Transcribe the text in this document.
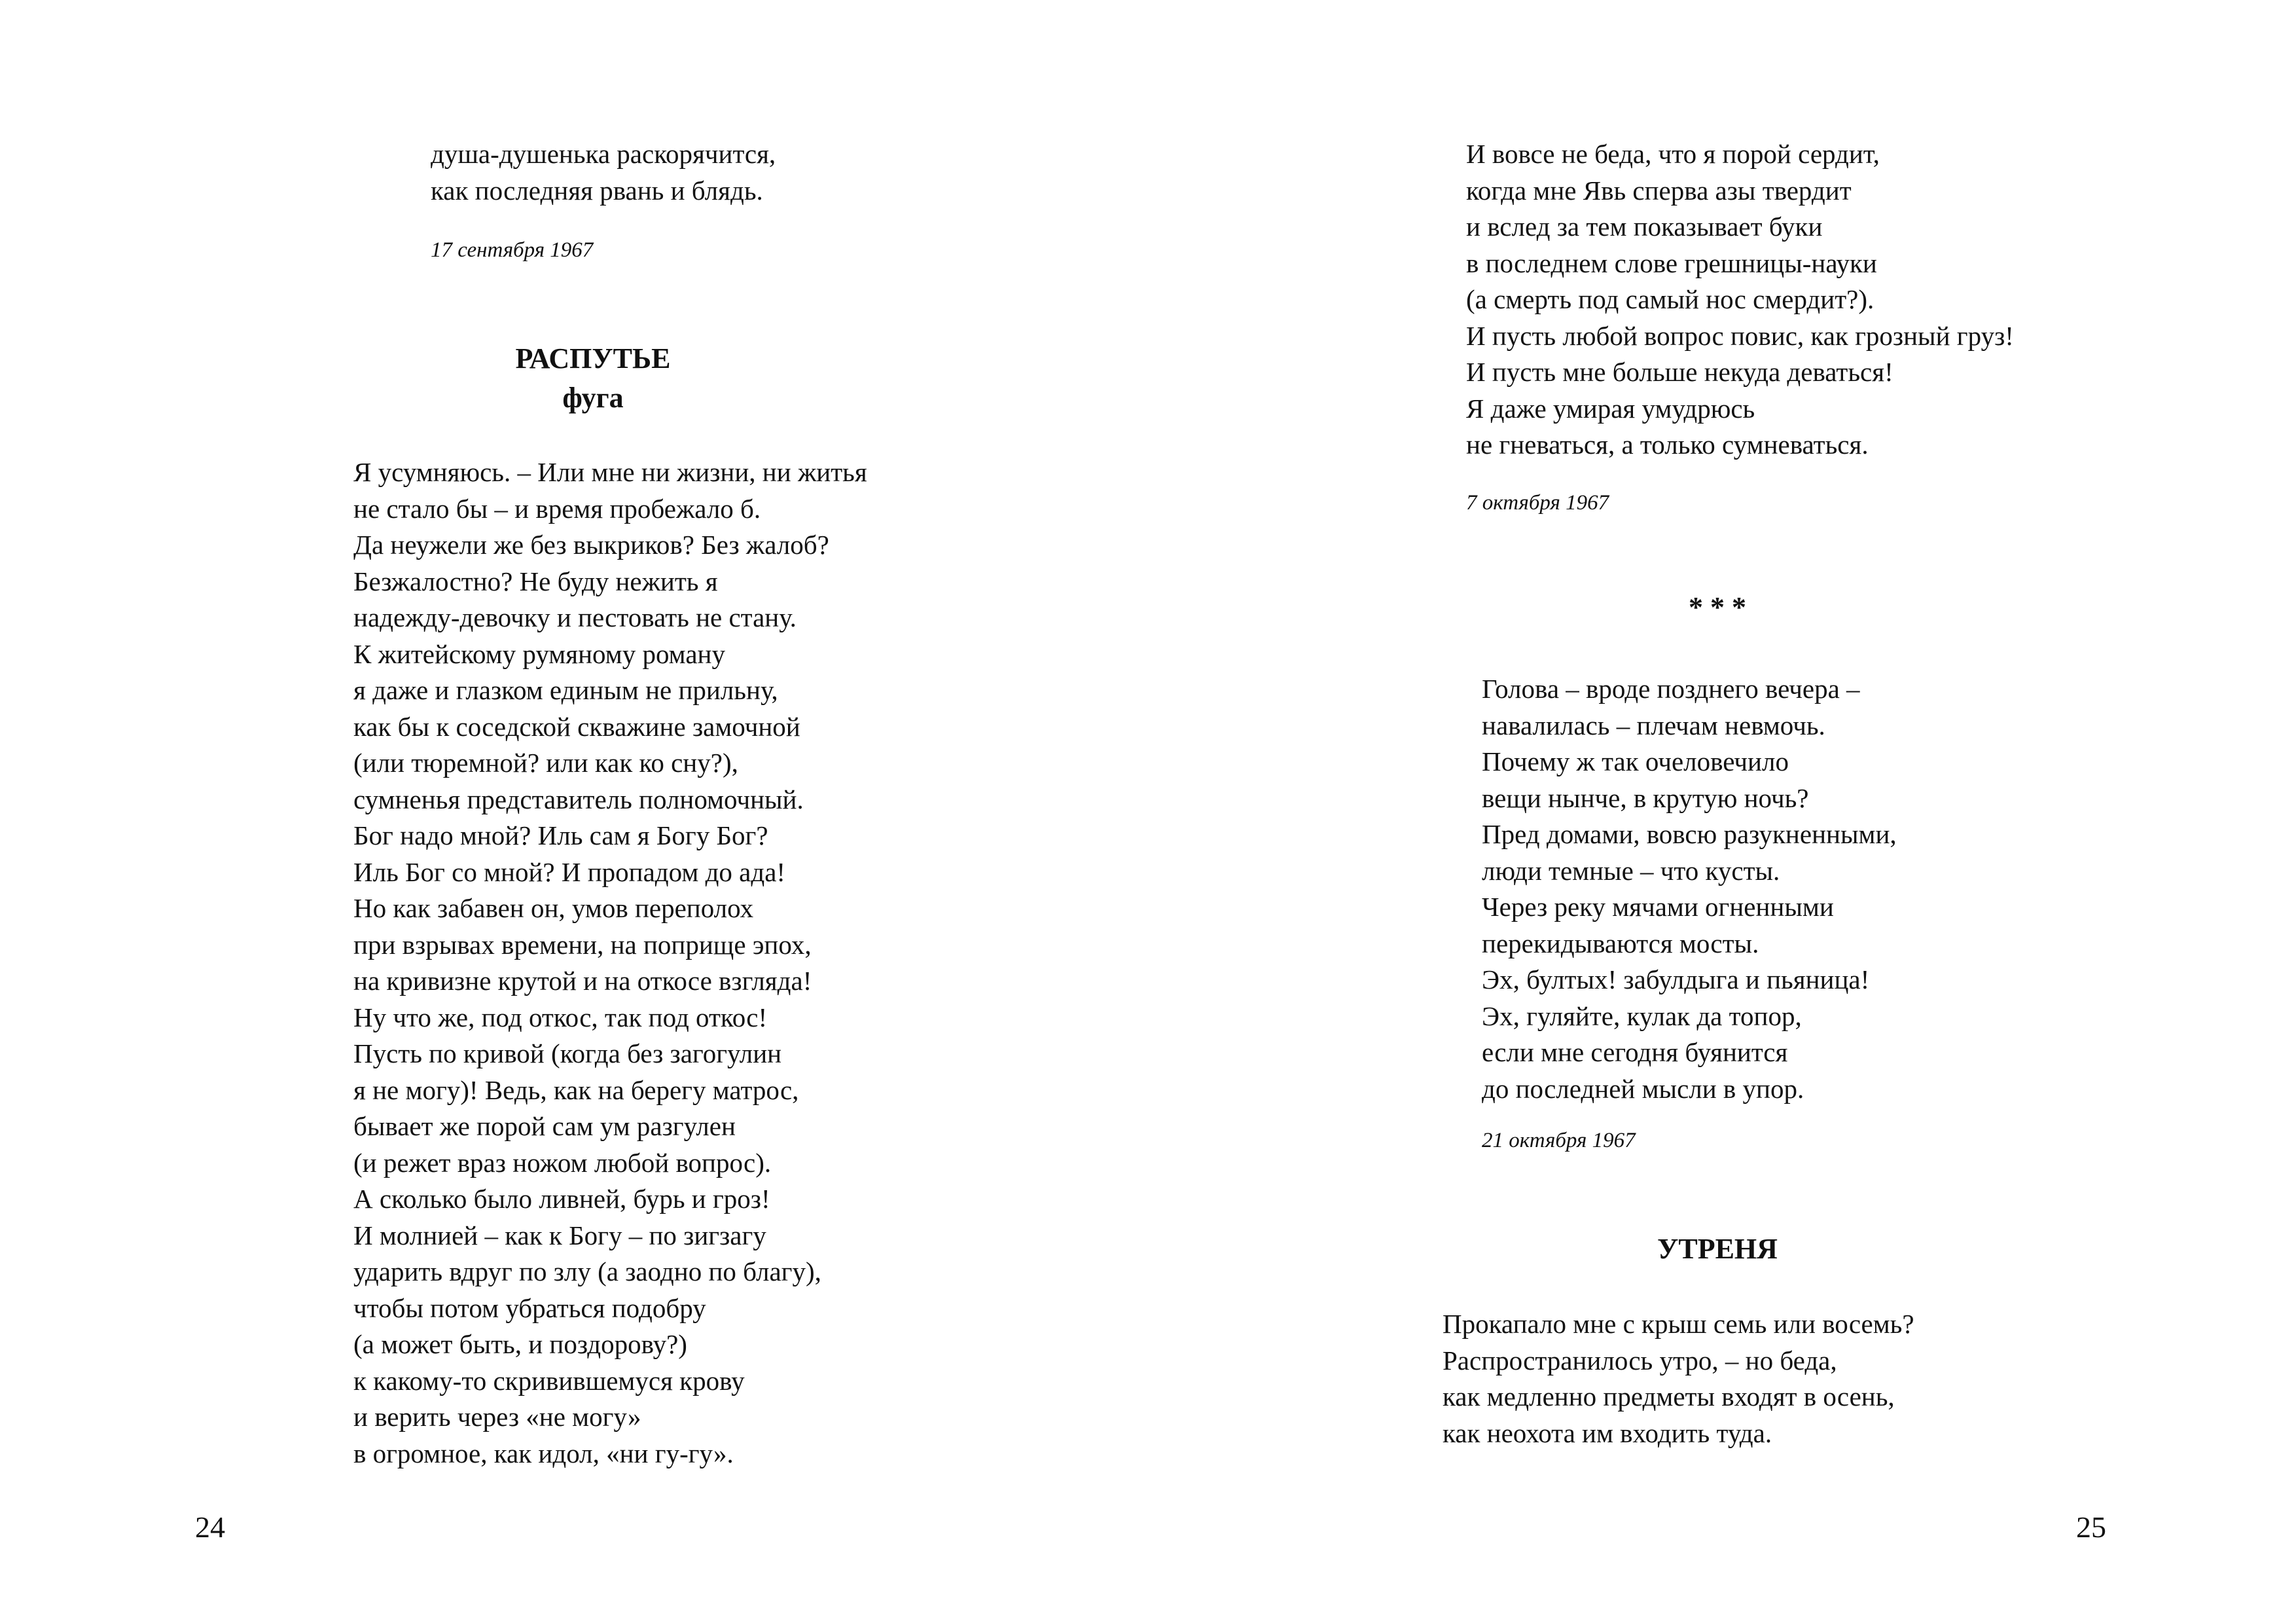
душа-душенька раскорячится,
как последняя рвань и блядь.
17 сентября 1967
РАСПУТЬЕ
фуга
Я усумняюсь. – Или мне ни жизни, ни житья
не стало бы – и время пробежало б.
Да неужели же без выкриков? Без жалоб?
Безжалостно? Не буду нежить я
надежду-девочку и пестовать не стану.
К житейскому румяному роману
я даже и глазком единым не прильну,
как бы к соседской скважине замочной
(или тюремной? или как ко сну?),
сумненья представитель полномочный.
Бог надо мной? Иль сам я Богу Бог?
Иль Бог со мной? И пропадом до ада!
Но как забавен он, умов переполох
при взрывах времени, на поприще эпох,
на кривизне крутой и на откосе взгляда!
Ну что же, под откос, так под откос!
Пусть по кривой (когда без загогулин
я не могу)! Ведь, как на берегу матрос,
бывает же порой сам ум разгулен
(и режет враз ножом любой вопрос).
А сколько было ливней, бурь и гроз!
И молнией – как к Богу – по зигзагу
ударить вдруг по злу (а заодно по благу),
чтобы потом убраться подобру
(а может быть, и поздорову?)
к какому-то скривившемуся крову
и верить через «не могу»
в огромное, как идол, «ни гу-гу».
24
И вовсе не беда, что я порой сердит,
когда мне Явь сперва азы твердит
и вслед за тем показывает буки
в последнем слове грешницы-науки
(а смерть под самый нос смердит?).
И пусть любой вопрос повис, как грозный груз!
И пусть мне больше некуда деваться!
Я даже умирая умудрюсь
не гневаться, а только сумневаться.
7 октября 1967
* * *
Голова – вроде позднего вечера –
навалилась – плечам невмочь.
Почему ж так очеловечило
вещи нынче, в крутую ночь?
Пред домами, вовсю разукненными,
люди темные – что кусты.
Через реку мячами огненными
перекидываются мосты.
Эх, бултых! забулдыга и пьяница!
Эх, гуляйте, кулак да топор,
если мне сегодня буянится
до последней мысли в упор.
21 октября 1967
УТРЕНЯ
Прокапало мне с крыш семь или восемь?
Распространилось утро, – но беда,
как медленно предметы входят в осень,
как неохота им входить туда.
25
